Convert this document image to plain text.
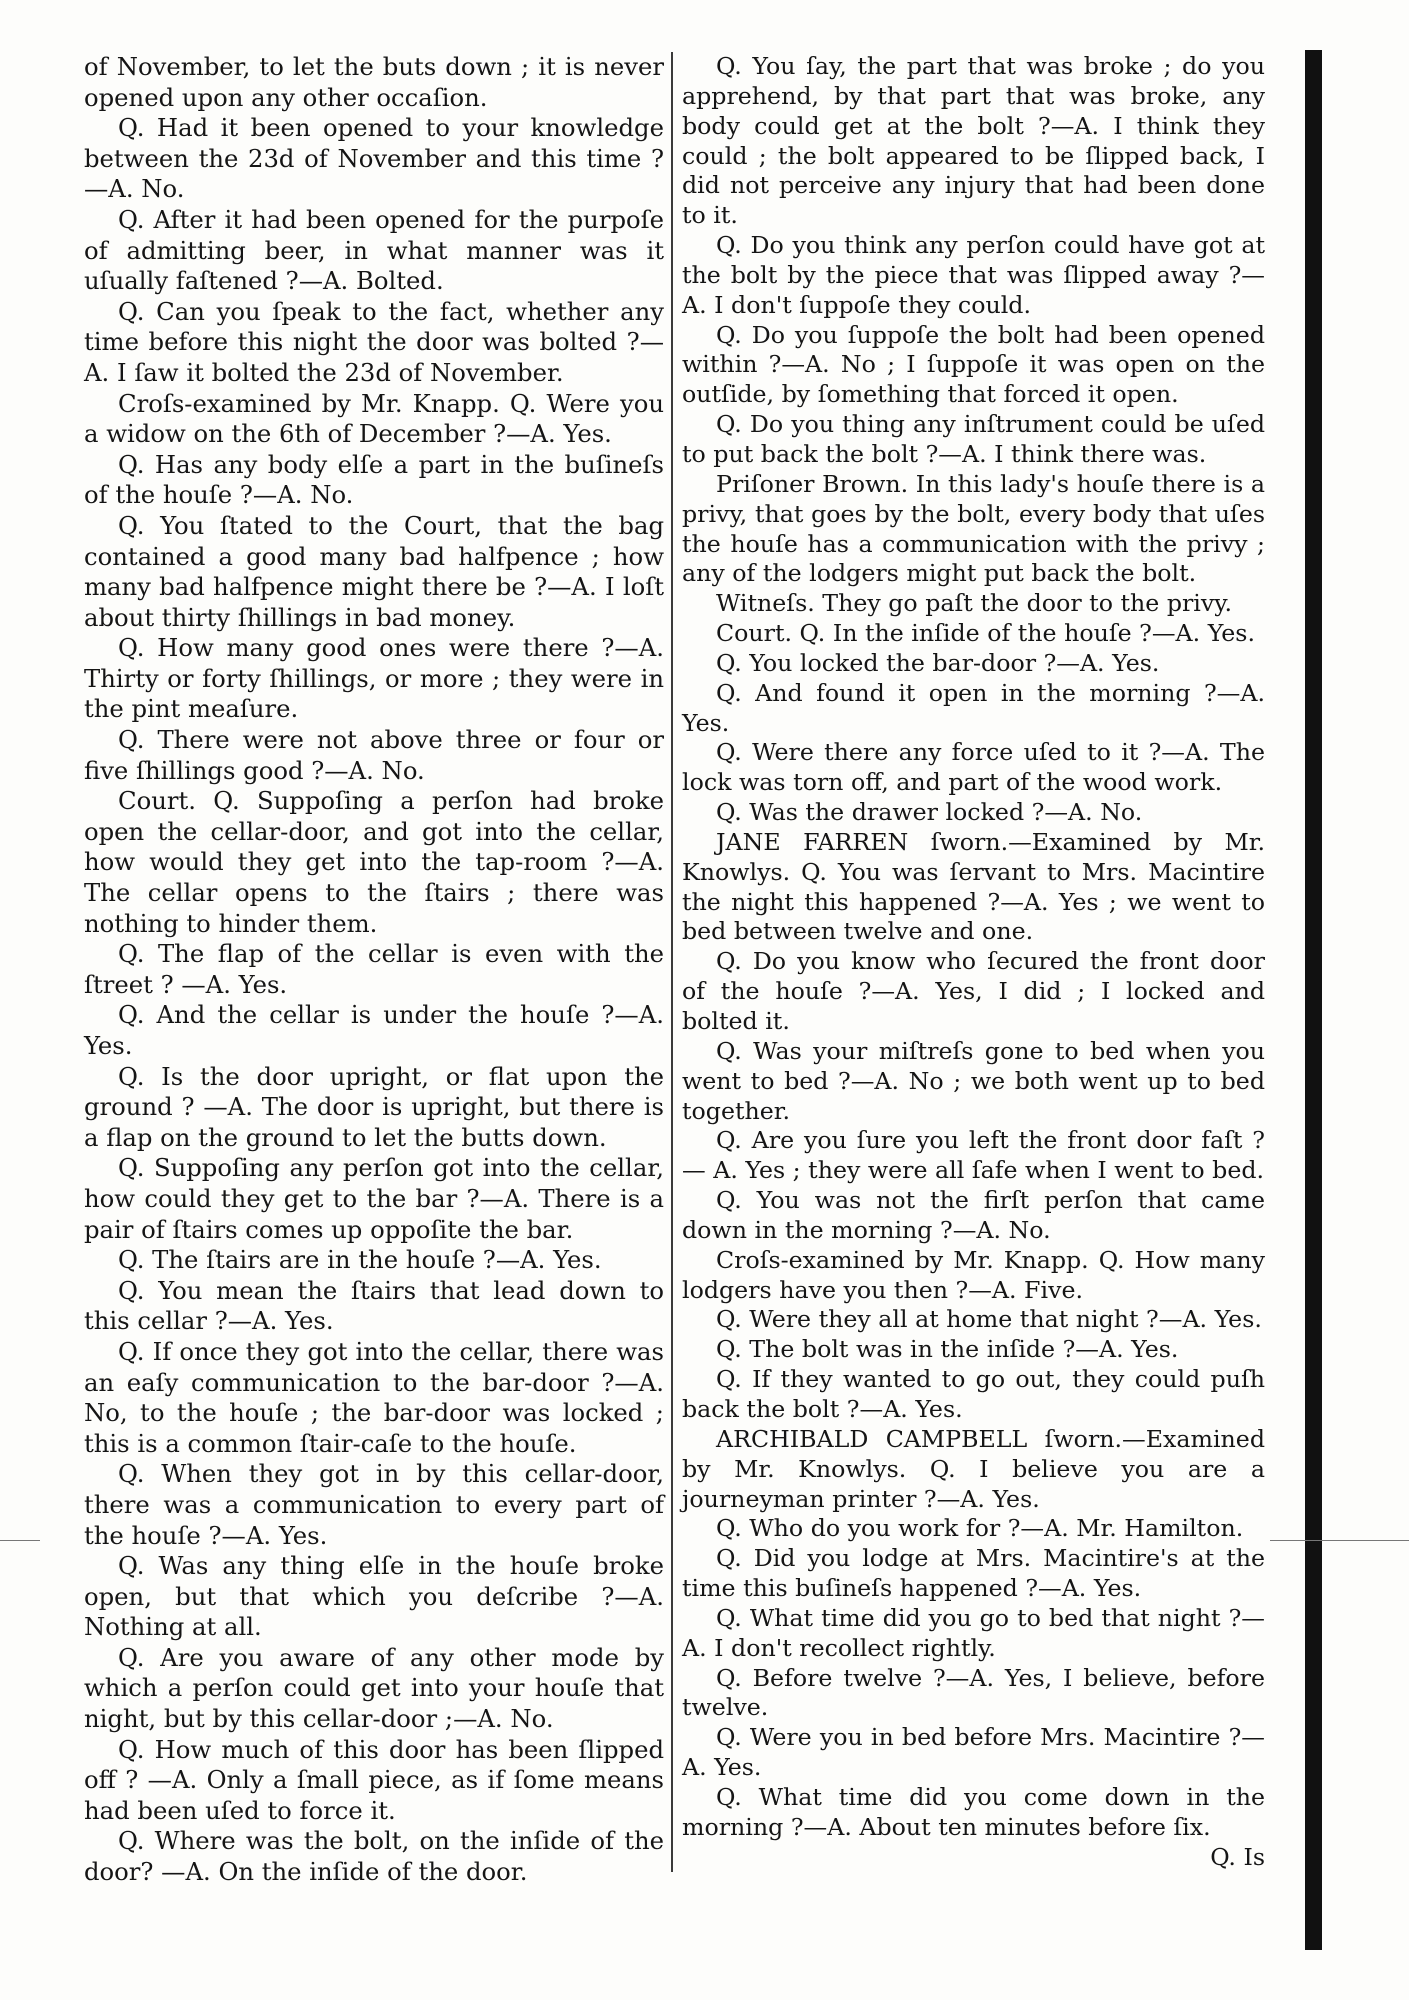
of November, to let the buts down ; it is never opened upon any other occaſion.

Q. Had it been opened to your knowledge between the 23d of November and this time ?—A. No.

Q. After it had been opened for the purpoſe of admitting beer, in what manner was it uſually faſtened ?—A. Bolted.

Q. Can you ſpeak to the fact, whether any time before this night the door was bolted ?—A. I ſaw it bolted the 23d of November.

Croſs-examined by Mr. Knapp. Q. Were you a widow on the 6th of December ?—A. Yes.

Q. Has any body elſe a part in the buſineſs of the houſe ?—A. No.

Q. You ſtated to the Court, that the bag contained a good many bad halfpence ; how many bad halfpence might there be ?—A. I loſt about thirty ſhillings in bad money.

Q. How many good ones were there ?—A. Thirty or forty ſhillings, or more ; they were in the pint meaſure.

Q. There were not above three or four or five ſhillings good ?—A. No.

Court. Q. Suppoſing a perſon had broke open the cellar-door, and got into the cellar, how would they get into the tap-room ?—A. The cellar opens to the ſtairs ; there was nothing to hinder them.

Q. The flap of the cellar is even with the ſtreet ? —A. Yes.

Q. And the cellar is under the houſe ?—A. Yes.

Q. Is the door upright, or flat upon the ground ? —A. The door is upright, but there is a flap on the ground to let the butts down.

Q. Suppoſing any perſon got into the cellar, how could they get to the bar ?—A. There is a pair of ſtairs comes up oppoſite the bar.

Q. The ſtairs are in the houſe ?—A. Yes.

Q. You mean the ſtairs that lead down to this cellar ?—A. Yes.

Q. If once they got into the cellar, there was an eaſy communication to the bar-door ?—A. No, to the houſe ; the bar-door was locked ; this is a common ſtair-caſe to the houſe.

Q. When they got in by this cellar-door, there was a communication to every part of the houſe ?—A. Yes.

Q. Was any thing elſe in the houſe broke open, but that which you deſcribe ?—A. Nothing at all.

Q. Are you aware of any other mode by which a perſon could get into your houſe that night, but by this cellar-door ;—A. No.

Q. How much of this door has been ſlipped off ? —A. Only a ſmall piece, as if ſome means had been uſed to force it.

Q. Where was the bolt, on the inſide of the door? —A. On the inſide of the door.

Q. You ſay, the part that was broke ; do you apprehend, by that part that was broke, any body could get at the bolt ?—A. I think they could ; the bolt appeared to be ſlipped back, I did not perceive any injury that had been done to it.

Q. Do you think any perſon could have got at the bolt by the piece that was ſlipped away ?—A. I don't ſuppoſe they could.

Q. Do you ſuppoſe the bolt had been opened within ?—A. No ; I ſuppoſe it was open on the outſide, by ſomething that forced it open.

Q. Do you thing any inſtrument could be uſed to put back the bolt ?—A. I think there was.

Priſoner Brown. In this lady's houſe there is a privy, that goes by the bolt, every body that uſes the houſe has a communication with the privy ; any of the lodgers might put back the bolt.

Witneſs. They go paſt the door to the privy.

Court. Q. In the inſide of the houſe ?—A. Yes.

Q. You locked the bar-door ?—A. Yes.

Q. And found it open in the morning ?—A. Yes.

Q. Were there any force uſed to it ?—A. The lock was torn off, and part of the wood work.

Q. Was the drawer locked ?—A. No.

JANE FARREN ſworn.—Examined by Mr. Knowlys. Q. You was ſervant to Mrs. Macintire the night this happened ?—A. Yes ; we went to bed between twelve and one.

Q. Do you know who ſecured the front door of the houſe ?—A. Yes, I did ; I locked and bolted it.

Q. Was your miſtreſs gone to bed when you went to bed ?—A. No ; we both went up to bed together.

Q. Are you ſure you left the front door faſt ?— A. Yes ; they were all ſafe when I went to bed.

Q. You was not the firſt perſon that came down in the morning ?—A. No.

Croſs-examined by Mr. Knapp. Q. How many lodgers have you then ?—A. Five.

Q. Were they all at home that night ?—A. Yes.

Q. The bolt was in the inſide ?—A. Yes.

Q. If they wanted to go out, they could puſh back the bolt ?—A. Yes.

ARCHIBALD CAMPBELL ſworn.—Examined by Mr. Knowlys. Q. I believe you are a journeyman printer ?—A. Yes.

Q. Who do you work for ?—A. Mr. Hamilton.

Q. Did you lodge at Mrs. Macintire's at the time this buſineſs happened ?—A. Yes.

Q. What time did you go to bed that night ?—A. I don't recollect rightly.

Q. Before twelve ?—A. Yes, I believe, before twelve.

Q. Were you in bed before Mrs. Macintire ?— A. Yes.

Q. What time did you come down in the morning ?—A. About ten minutes before ſix.

Q. Is
